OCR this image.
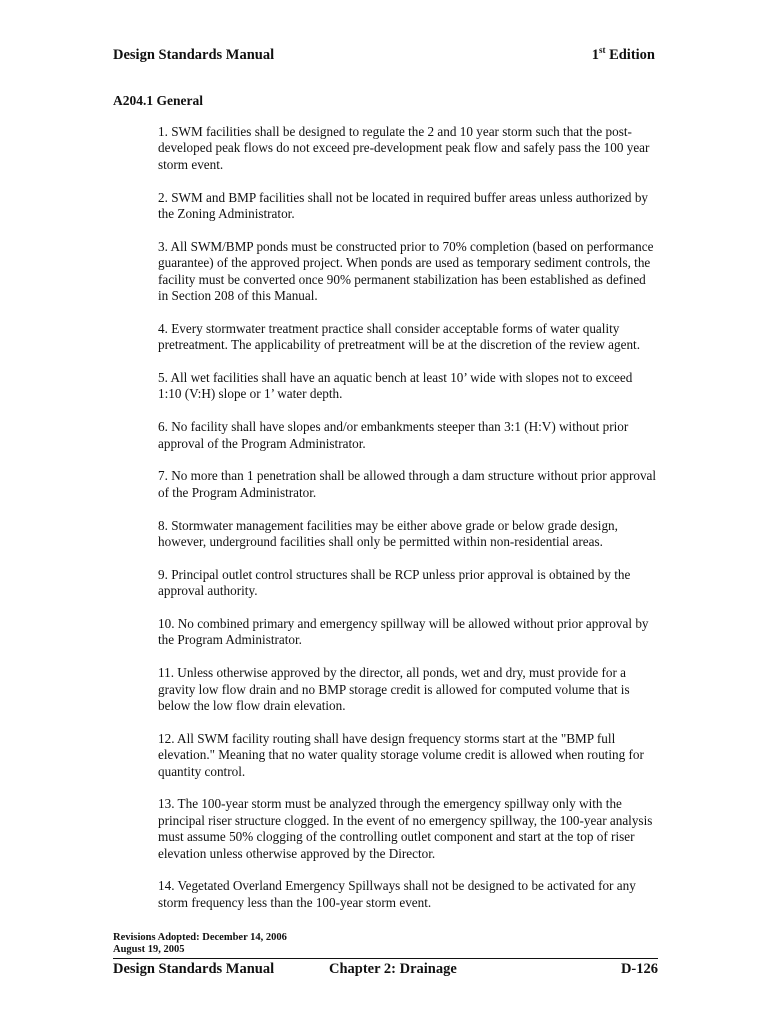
Design Standards Manual	1st Edition
A204.1 General

1. SWM facilities shall be designed to regulate the 2 and 10 year storm such that the post-developed peak flows do not exceed pre-development peak flow and safely pass the 100 year storm event.

2. SWM and BMP facilities shall not be located in required buffer areas unless authorized by the Zoning Administrator.

3. All SWM/BMP ponds must be constructed prior to 70% completion (based on performance guarantee) of the approved project. When ponds are used as temporary sediment controls, the facility must be converted once 90% permanent stabilization has been established as defined in Section 208 of this Manual.

4. Every stormwater treatment practice shall consider acceptable forms of water quality pretreatment. The applicability of pretreatment will be at the discretion of the review agent.

5. All wet facilities shall have an aquatic bench at least 10’ wide with slopes not to exceed 1:10 (V:H) slope or 1’ water depth.

6. No facility shall have slopes and/or embankments steeper than 3:1 (H:V) without prior approval of the Program Administrator.

7. No more than 1 penetration shall be allowed through a dam structure without prior approval of the Program Administrator.

8. Stormwater management facilities may be either above grade or below grade design, however, underground facilities shall only be permitted within non-residential areas.

9. Principal outlet control structures shall be RCP unless prior approval is obtained by the approval authority.

10. No combined primary and emergency spillway will be allowed without prior approval by the Program Administrator.

11. Unless otherwise approved by the director, all ponds, wet and dry, must provide for a gravity low flow drain and no BMP storage credit is allowed for computed volume that is below the low flow drain elevation.

12. All SWM facility routing shall have design frequency storms start at the "BMP full elevation." Meaning that no water quality storage volume credit is allowed when routing for quantity control.

13. The 100-year storm must be analyzed through the emergency spillway only with the principal riser structure clogged. In the event of no emergency spillway, the 100-year analysis must assume 50% clogging of the controlling outlet component and start at the top of riser elevation unless otherwise approved by the Director.

14. Vegetated Overland Emergency Spillways shall not be designed to be activated for any storm frequency less than the 100-year storm event.

Revisions Adopted: December 14, 2006
August 19, 2005
Design Standards Manual	Chapter 2: Drainage	D-126
